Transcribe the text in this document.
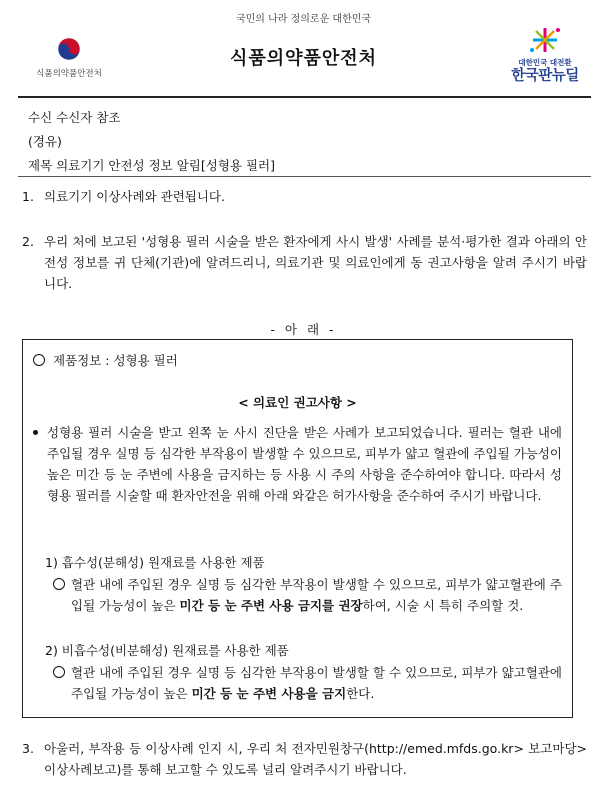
국민의 나라 정의로운 대한민국
식품의약품안전처
식품의약품안전처	대한민국 대전환
한국판뉴딜
수신 수신자 참조
(경유)
제목 의료기기 안전성 정보 알림[성형용 필러]
1. 의료기기 이상사례와 관련됩니다.
2. 우리 처에 보고된 '성형용 필러 시술을 받은 환자에게 사시 발생' 사례를 분석·평가한 결과 아래의 안전성 정보를 귀 단체(기관)에 알려드리니, 의료기관 및 의료인에게 동 권고사항을 알려 주시기 바랍니다.
- 아 래 -
제품정보 : 성형용 필러
< 의료인 권고사항 >
성형용 필러 시술을 받고 왼쪽 눈 사시 진단을 받은 사례가 보고되었습니다. 필러는 혈관 내에 주입될 경우 실명 등 심각한 부작용이 발생할 수 있으므로, 피부가 얇고 혈관에 주입될 가능성이 높은 미간 등 눈 주변에 사용을 금지하는 등 사용 시 주의 사항을 준수하여야 합니다. 따라서 성형용 필러를 시술할 때 환자안전을 위해 아래 와같은 허가사항을 준수하여 주시기 바랍니다.
1) 흡수성(분해성) 원재료를 사용한 제품
혈관 내에 주입된 경우 실명 등 심각한 부작용이 발생할 수 있으므로, 피부가 얇고혈관에 주입될 가능성이 높은 미간 등 눈 주변 사용 금지를 권장하여, 시술 시 특히 주의할 것.
2) 비흡수성(비분해성) 원재료를 사용한 제품
혈관 내에 주입된 경우 실명 등 심각한 부작용이 발생할 할 수 있으므로, 피부가 얇고혈관에 주입될 가능성이 높은 미간 등 눈 주변 사용을 금지한다.
3. 아울러, 부작용 등 이상사례 인지 시, 우리 처 전자민원창구(http://emed.mfds.go.kr> 보고마당>이상사례보고)를 통해 보고할 수 있도록 널리 알려주시기 바랍니다.
